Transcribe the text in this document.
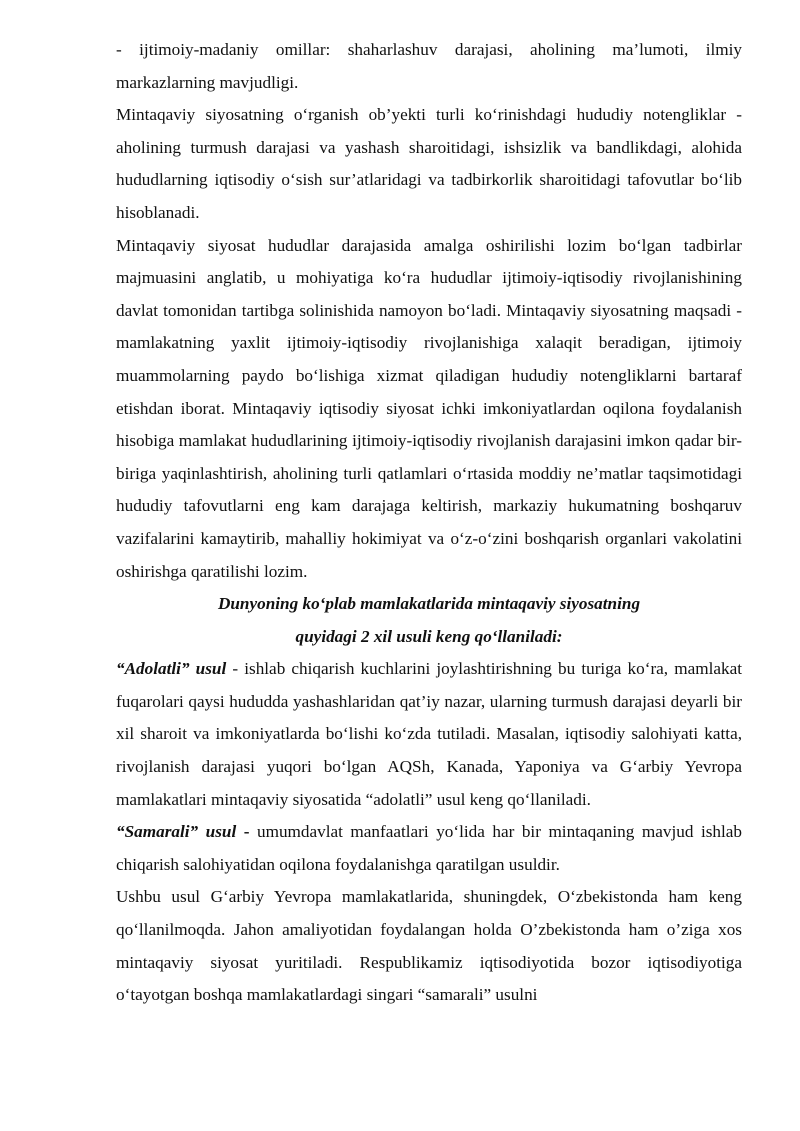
- ijtimoiy-madaniy omillar: shaharlashuv darajasi, aholining ma’lumoti, ilmiy markazlarning mavjudligi.

Mintaqaviy siyosatning o‘rganish ob’yekti turli ko‘rinishdagi hududiy notengliklar - aholining turmush darajasi va yashash sharoitidagi, ishsizlik va bandlikdagi, alohida hududlarning iqtisodiy o‘sish sur’atlaridagi va tadbirkorlik sharoitidagi tafovutlar bo‘lib hisoblanadi.

Mintaqaviy siyosat hududlar darajasida amalga oshirilishi lozim bo‘lgan tadbirlar majmuasini anglatib, u mohiyatiga ko‘ra hududlar ijtimoiy-iqtisodiy rivojlanishining davlat tomonidan tartibga solinishida namoyon bo‘ladi. Mintaqaviy siyosatning maqsadi - mamlakatning yaxlit ijtimoiy-iqtisodiy rivojlanishiga xalaqit beradigan, ijtimoiy muammolarning paydo bo‘lishiga xizmat qiladigan hududiy notengliklarni bartaraf etishdan iborat. Mintaqaviy iqtisodiy siyosat ichki imkoniyatlardan oqilona foydalanish hisobiga mamlakat hududlarining ijtimoiy-iqtisodiy rivojlanish darajasini imkon qadar bir-biriga yaqinlashtirish, aholining turli qatlamlari o‘rtasida moddiy ne’matlar taqsimotidagi hududiy tafovutlarni eng kam darajaga keltirish, markaziy hukumatning boshqaruv vazifalarini kamaytirib, mahalliy hokimiyat va o‘z-o‘zini boshqarish organlari vakolatini oshirishga qaratilishi lozim.

Dunyoning ko‘plab mamlakatlarida mintaqaviy siyosatning
quyidagi 2 xil usuli keng qo‘llaniladi:

“Adolatli” usul - ishlab chiqarish kuchlarini joylashtirishning bu turiga ko‘ra, mamlakat fuqarolari qaysi hududda yashashlaridan qat’iy nazar, ularning turmush darajasi deyarli bir xil sharoit va imkoniyatlarda bo‘lishi ko‘zda tutiladi. Masalan, iqtisodiy salohiyati katta, rivojlanish darajasi yuqori bo‘lgan AQSh, Kanada, Yaponiya va G‘arbiy Yevropa mamlakatlari mintaqaviy siyosatida “adolatli” usul keng qo‘llaniladi.

“Samarali” usul - umumdavlat manfaatlari yo‘lida har bir mintaqaning mavjud ishlab chiqarish salohiyatidan oqilona foydalanishga qaratilgan usuldir.

Ushbu usul G‘arbiy Yevropa mamlakatlarida, shuningdek, O‘zbekistonda ham keng qo‘llanilmoqda. Jahon amaliyotidan foydalangan holda O’zbekistonda ham o’ziga xos mintaqaviy siyosat yuritiladi. Respublikamiz iqtisodiyotida bozor iqtisodiyotiga o‘tayotgan boshqa mamlakatlardagi singari “samarali” usulni
